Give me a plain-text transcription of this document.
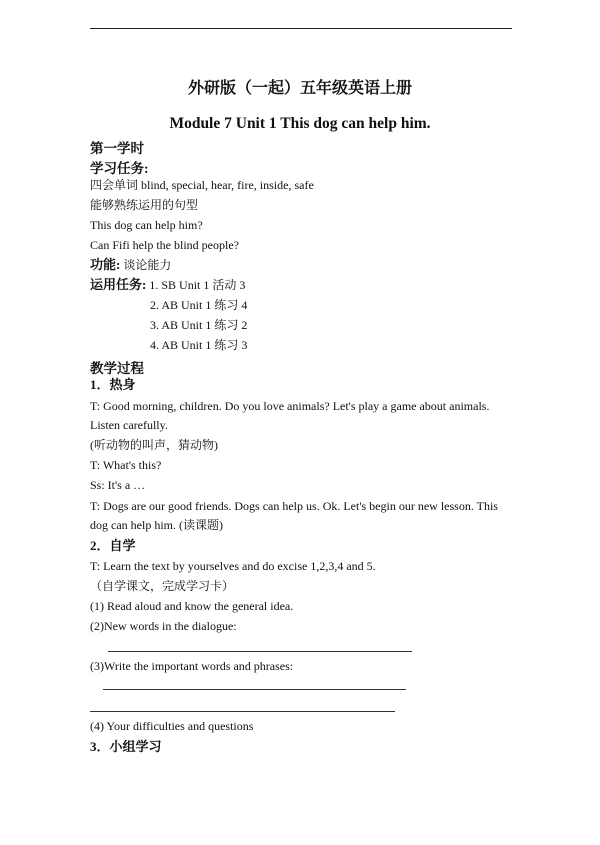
外研版（一起）五年级英语上册
Module 7 Unit 1 This dog can help him.
第一学时
学习任务:
四会单词 blind, special, hear, fire, inside, safe
能够熟练运用的句型
This dog can help him?
Can Fifi help the blind people?
功能: 谈论能力
运用任务: 1. SB Unit 1 活动 3
2. AB Unit 1 练习 4
3. AB Unit 1 练习 2
4. AB Unit 1 练习 3
教学过程
1．热身
T: Good morning, children. Do you love animals? Let's play a game about animals.
Listen carefully.
(听动物的叫声，猜动物)
T: What's this?
Ss: It's a …
T: Dogs are our good friends. Dogs can help us. Ok. Let's begin our new lesson. This
dog can help him. (读课题)
2．自学
T: Learn the text by yourselves and do excise 1,2,3,4 and 5.
（自学课文，完成学习卡）
(1) Read aloud and know the general idea.
(2)New words in the dialogue:
(3)Write the important words and phrases:
(4) Your difficulties and questions
3．小组学习
